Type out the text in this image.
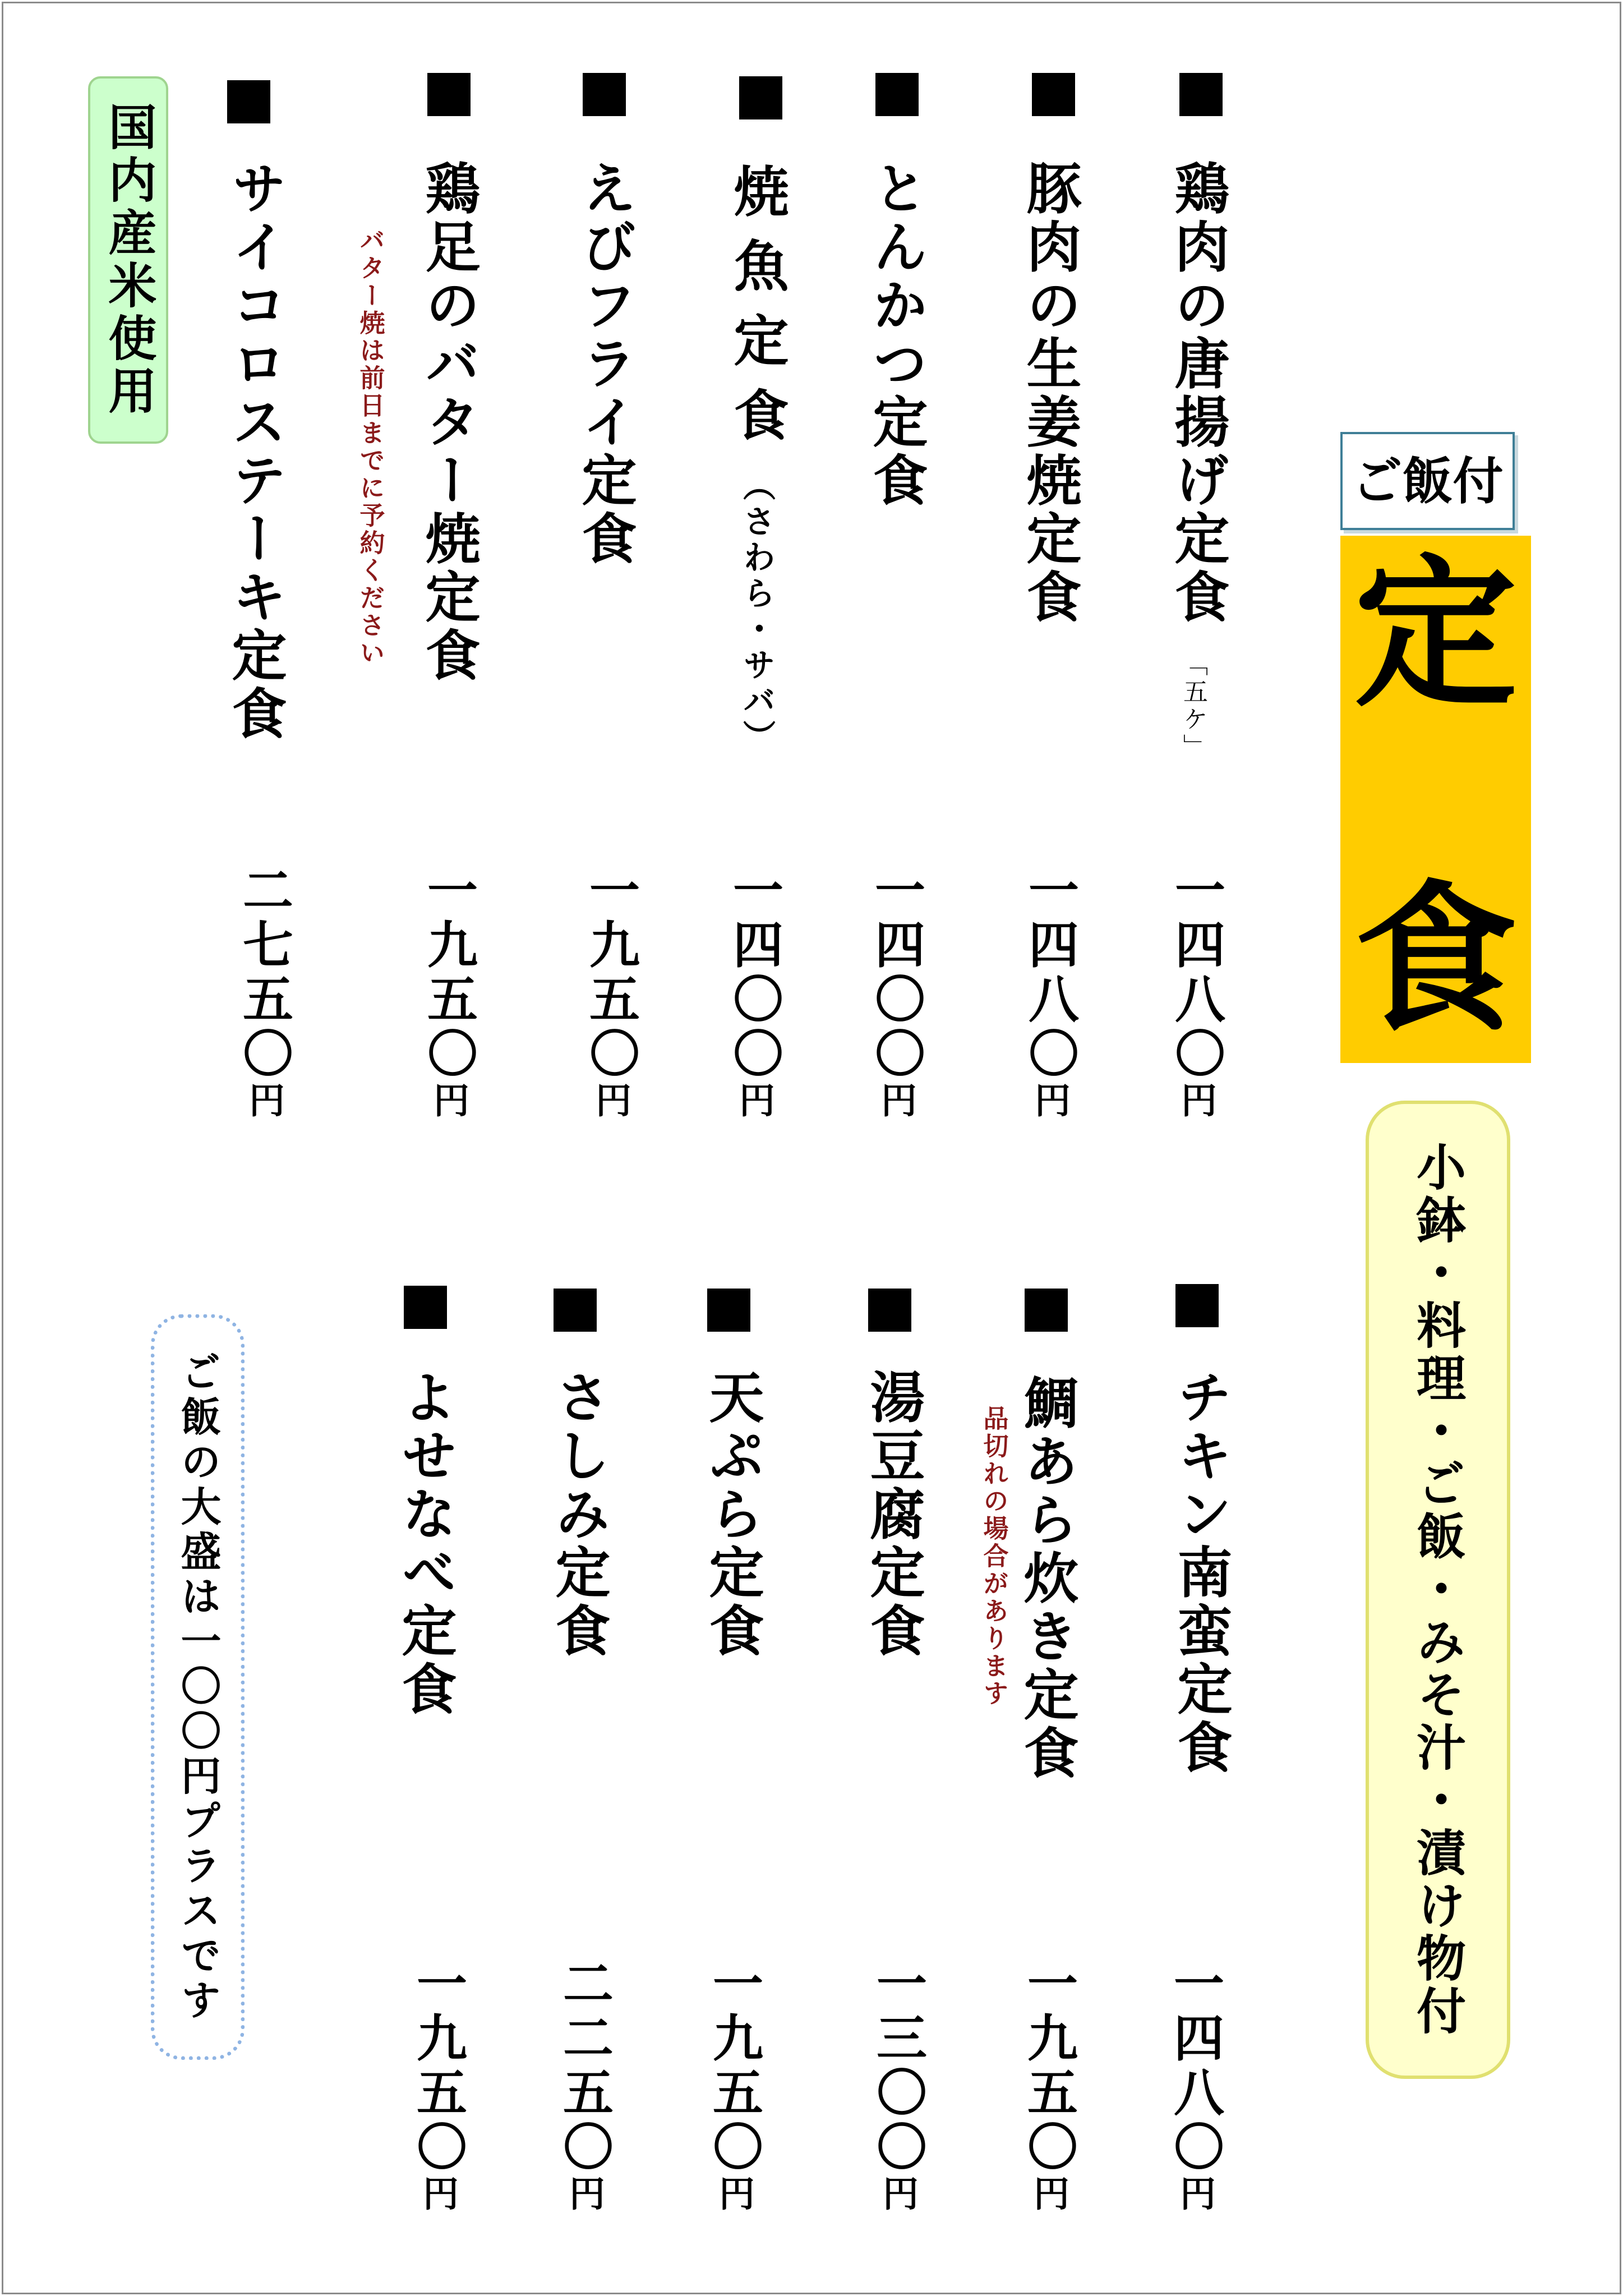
ご飯付
定
食
小鉢・料理・ご飯・みそ汁・漬け物付
国内産米使用
ご飯の大盛は一〇〇円プラスです
鶏肉の唐揚げ定食
「五ケ」
一四八〇円
豚肉の生姜焼定食
一四八〇円
とんかつ定食
一四〇〇円
焼魚定食
（さわら・サバ）
一四〇〇円
えびフライ定食
一九五〇円
鶏足のバター焼定食
バター焼は前日までに予約ください
一九五〇円
サイコロステーキ定食
二七五〇円
チキン南蛮定食
一四八〇円
鯛あら炊き定食
品切れの場合があります
一九五〇円
湯豆腐定食
一三〇〇円
天ぷら定食
一九五〇円
さしみ定食
二二五〇円
よせなべ定食
一九五〇円
